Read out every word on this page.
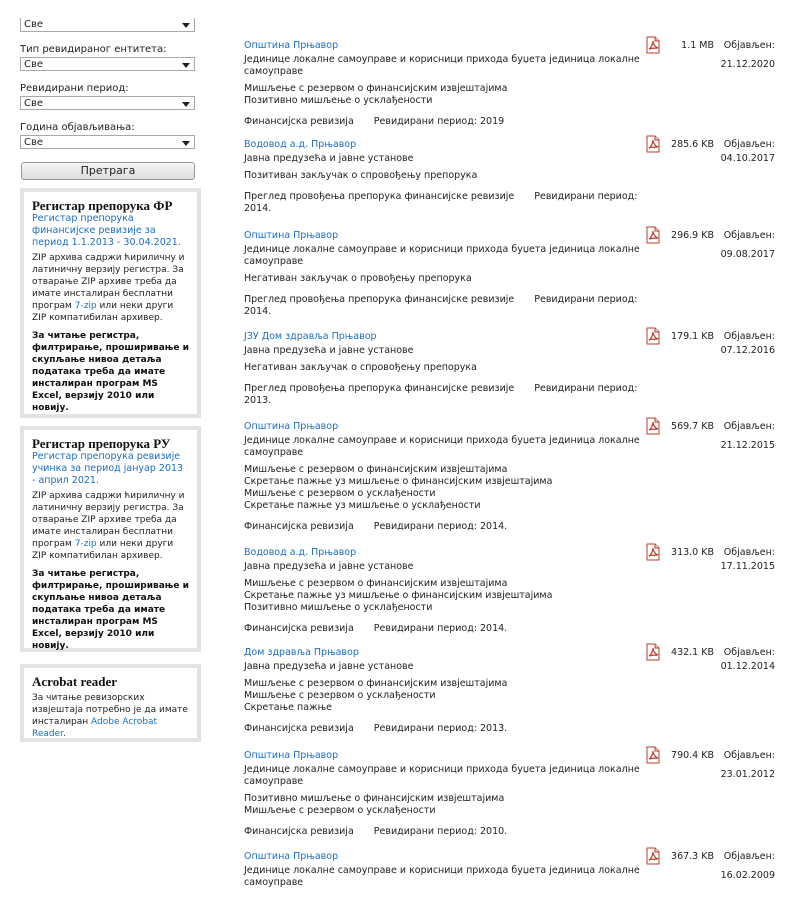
Све
Тип ревидираног ентитета:
Све
Ревидирани период:
Све
Година објављивања:
Све
Претрага
Регистар препорука ФР
Регистар препорука финансијске ревизије за период 1.1.2013 - 30.04.2021.
ZIP архива садржи ћириличну и латиничну верзију регистра. За отварање ZIP архиве треба да имате инсталиран бесплатни програм 7-zip или неки други ZIP компатибилан архивер.
За читање регистра, филтрирање, проширивање и скупљање нивоа детаља података треба да имате инсталиран програм MS Excel, верзију 2010 или новију.
Регистар препорука РУ
Регистар препорука ревизије учинка за период јануар 2013 - април 2021.
ZIP архива садржи ћириличну и латиничну верзију регистра. За отварање ZIP архиве треба да имате инсталиран бесплатни програм 7-zip или неки други ZIP компатибилан архивер.
За читање регистра, филтрирање, проширивање и скупљање нивоа детаља података треба да имате инсталиран програм MS Excel, верзију 2010 или новију.
Acrobat reader
За читање ревизорских извјештаја потребно је да имате инсталиран Adobe Acrobat Reader.
Општина Прњавор
Јединице локалне самоуправе и корисници прихода буџета јединица локалне
самоуправе
Мишљење с резервом о финансијским извјештајима
Позитивно мишљење о усклађености
Финансијска ревизија Ревидирани период: 2019
1.1 MB	Објављен:
21.12.2020
Водовод а.д. Прњавор
Јавна предузећа и јавне установе
Позитиван закључак о спровођењу препорука
Преглед провођења препорука финансијске ревизије Ревидирани период:
2014.
285.6 KB	Објављен:
04.10.2017
Општина Прњавор
Јединице локалне самоуправе и корисници прихода буџета јединица локалне
самоуправе
Негативан закључак о провођењу препорука
Преглед провођења препорука финансијске ревизије Ревидирани период:
2014.
296.9 KB	Објављен:
09.08.2017
ЈЗУ Дом здравља Прњавор
Јавна предузећа и јавне установе
Негативан закључак о спровођењу препорука
Преглед провођења препорука финансијске ревизије Ревидирани период:
2013.
179.1 KB	Објављен:
07.12.2016
Општина Прњавор
Јединице локалне самоуправе и корисници прихода буџета јединица локалне
самоуправе
Мишљење с резервом о финансијским извјештајима
Скретање пажње уз мишљење о финансијским извјештајима
Мишљење с резервом о усклађености
Скретање пажње уз мишљење о усклађености
Финансијска ревизија Ревидирани период: 2014.
569.7 KB	Објављен:
21.12.2015
Водовод а.д. Прњавор
Јавна предузећа и јавне установе
Мишљење с резервом о финансијским извјештајима
Скретање пажње уз мишљење о финансијским извјештајима
Позитивно мишљење о усклађености
Финансијска ревизија Ревидирани период: 2014.
313.0 KB	Објављен:
17.11.2015
Дом здравља Прњавор
Јавна предузећа и јавне установе
Мишљење с резервом о финансијским извјештајима
Мишљење с резервом о усклађености
Скретање пажње
Финансијска ревизија Ревидирани период: 2013.
432.1 KB	Објављен:
01.12.2014
Општина Прњавор
Јединице локалне самоуправе и корисници прихода буџета јединица локалне
самоуправе
Позитивно мишљење о финансијским извјештајима
Мишљење с резервом о усклађености
Финансијска ревизија Ревидирани период: 2010.
790.4 KB	Објављен:
23.01.2012
Општина Прњавор
Јединице локалне самоуправе и корисници прихода буџета јединица локалне
самоуправе
367.3 KB	Објављен:
16.02.2009
